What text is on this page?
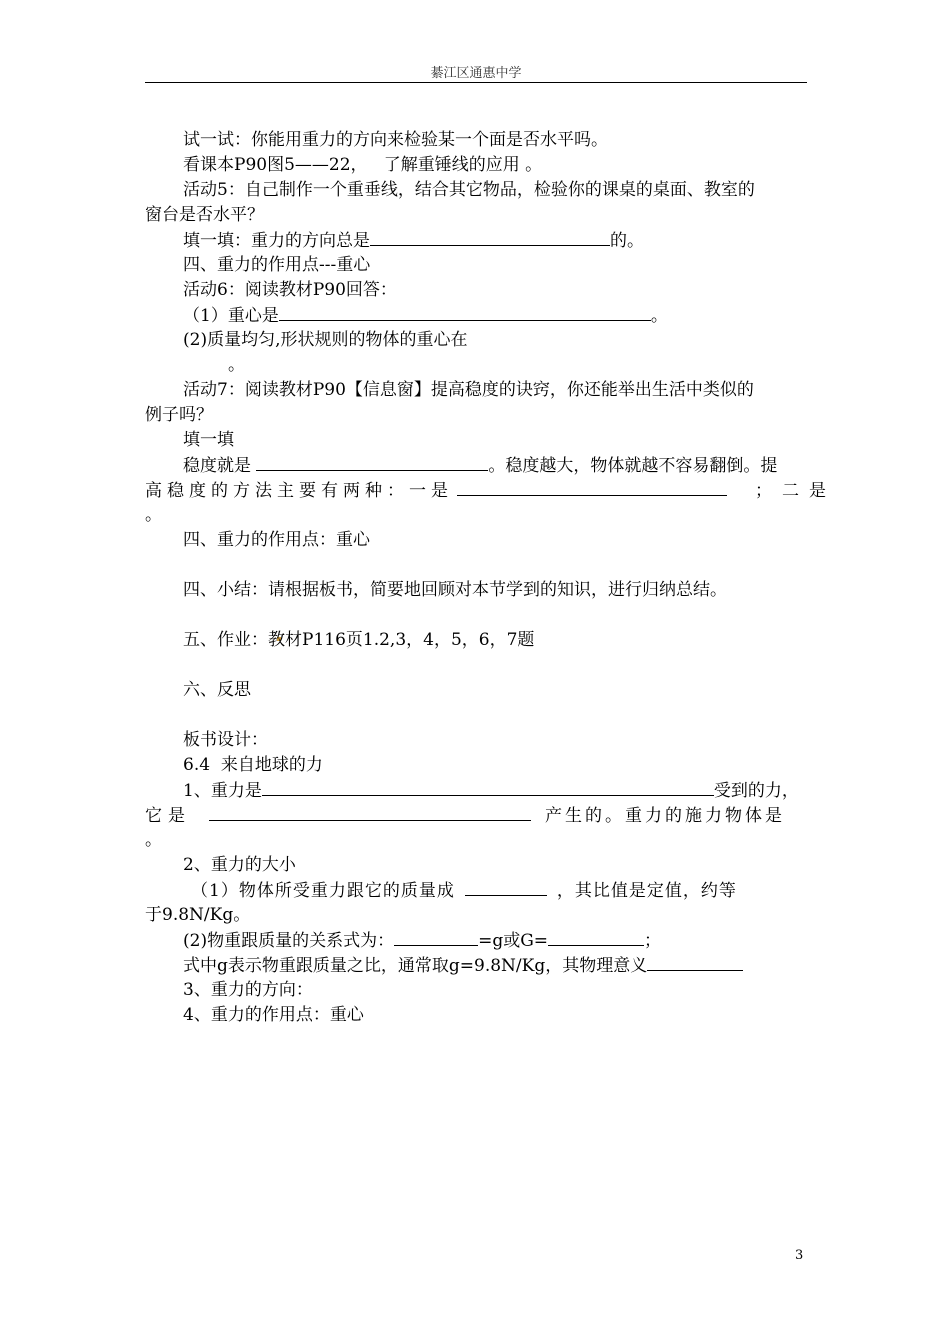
綦江区通惠中学
试一试：你能用重力的方向来检验某一个面是否水平吗。
看课本P90图5——22，   了解重锤线的应用 。
活动5：自己制作一个重垂线，结合其它物品，检验你的课桌的桌面、教室的
窗台是否水平？
填一填：重力的方向总是	的。
四、重力的作用点---重心
活动6：阅读教材P90回答：
（1）重心是	。
(2)质量均匀,形状规则的物体的重心在
。
活动7：阅读教材P90【信息窗】提高稳度的诀窍，你还能举出生活中类似的
例子吗？
填一填
稳度就是	。稳度越大，物体就越不容易翻倒。提
高稳度的方法主要有两种：一是	；二是
。
四、重力的作用点：重心
四、小结：请根据板书，简要地回顾对本节学到的知识，进行归纳总结。
五、作业：教材P116页1.2,3，4，5，6，7题
六、反思
板书设计：
6.4  来自地球的力
1、重力是	受到的力，
它是	产生的。重力的施力物体是
。
2、重力的大小
（1）物体所受重力跟它的质量成	，其比值是定值，约等
于9.8N/Kg。
(2)物重跟质量的关系式为：	=g或G=	；
式中g表示物重跟质量之比，通常取g=9.8N/Kg，其物理意义
3、重力的方向：
4、重力的作用点：重心
3
